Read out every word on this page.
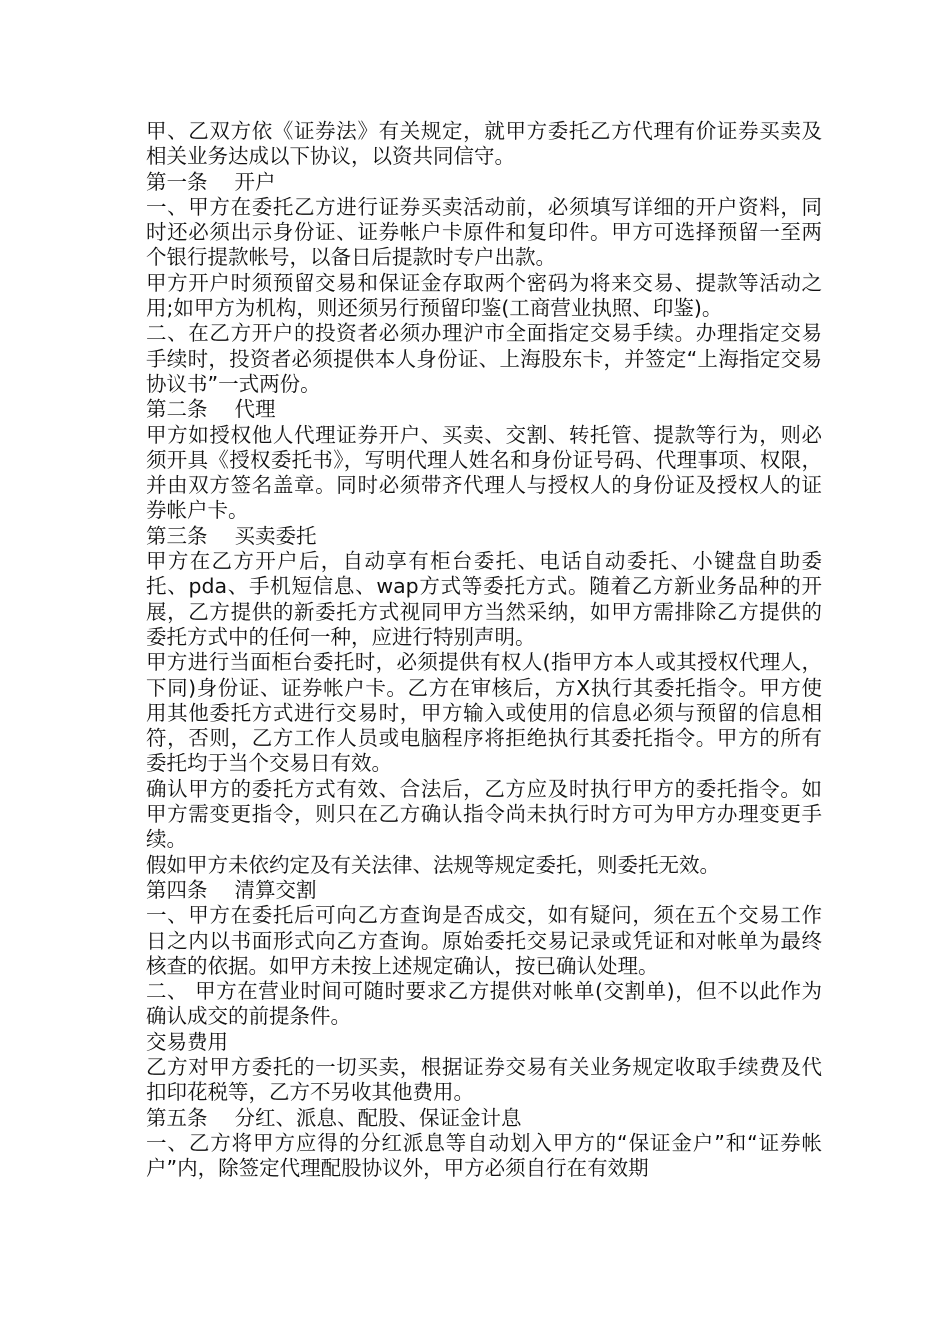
甲、乙双方依《证券法》有关规定，就甲方委托乙方代理有价证券买卖及相关业务达成以下协议，以资共同信守。

第一条　 开户

一、甲方在委托乙方进行证券买卖活动前，必须填写详细的开户资料，同时还必须出示身份证、证券帐户卡原件和复印件。甲方可选择预留一至两个银行提款帐号，以备日后提款时专户出款。

甲方开户时须预留交易和保证金存取两个密码为将来交易、提款等活动之用;如甲方为机构，则还须另行预留印鉴(工商营业执照、印鉴)。

二、在乙方开户的投资者必须办理沪市全面指定交易手续。办理指定交易手续时，投资者必须提供本人身份证、上海股东卡，并签定“上海指定交易协议书”一式两份。

第二条　 代理

甲方如授权他人代理证券开户、买卖、交割、转托管、提款等行为，则必须开具《授权委托书》，写明代理人姓名和身份证号码、代理事项、权限，并由双方签名盖章。同时必须带齐代理人与授权人的身份证及授权人的证券帐户卡。

第三条　 买卖委托

甲方在乙方开户后，自动享有柜台委托、电话自动委托、小键盘自助委托、pda、手机短信息、wap方式等委托方式。随着乙方新业务品种的开展，乙方提供的新委托方式视同甲方当然采纳，如甲方需排除乙方提供的委托方式中的任何一种，应进行特别声明。

甲方进行当面柜台委托时，必须提供有权人(指甲方本人或其授权代理人，下同)身份证、证券帐户卡。乙方在审核后，方X执行其委托指令。甲方使用其他委托方式进行交易时，甲方输入或使用的信息必须与预留的信息相符，否则，乙方工作人员或电脑程序将拒绝执行其委托指令。甲方的所有委托均于当个交易日有效。

确认甲方的委托方式有效、合法后，乙方应及时执行甲方的委托指令。如甲方需变更指令，则只在乙方确认指令尚未执行时方可为甲方办理变更手续。

假如甲方未依约定及有关法律、法规等规定委托，则委托无效。

第四条　 清算交割

一、甲方在委托后可向乙方查询是否成交，如有疑问，须在五个交易工作日之内以书面形式向乙方查询。原始委托交易记录或凭证和对帐单为最终核查的依据。如甲方未按上述规定确认，按已确认处理。

二、 甲方在营业时间可随时要求乙方提供对帐单(交割单)，但不以此作为确认成交的前提条件。

交易费用

乙方对甲方委托的一切买卖，根据证券交易有关业务规定收取手续费及代扣印花税等，乙方不另收其他费用。

第五条　 分红、派息、配股、保证金计息

一、乙方将甲方应得的分红派息等自动划入甲方的“保证金户”和“证券帐户”内，除签定代理配股协议外，甲方必须自行在有效期
